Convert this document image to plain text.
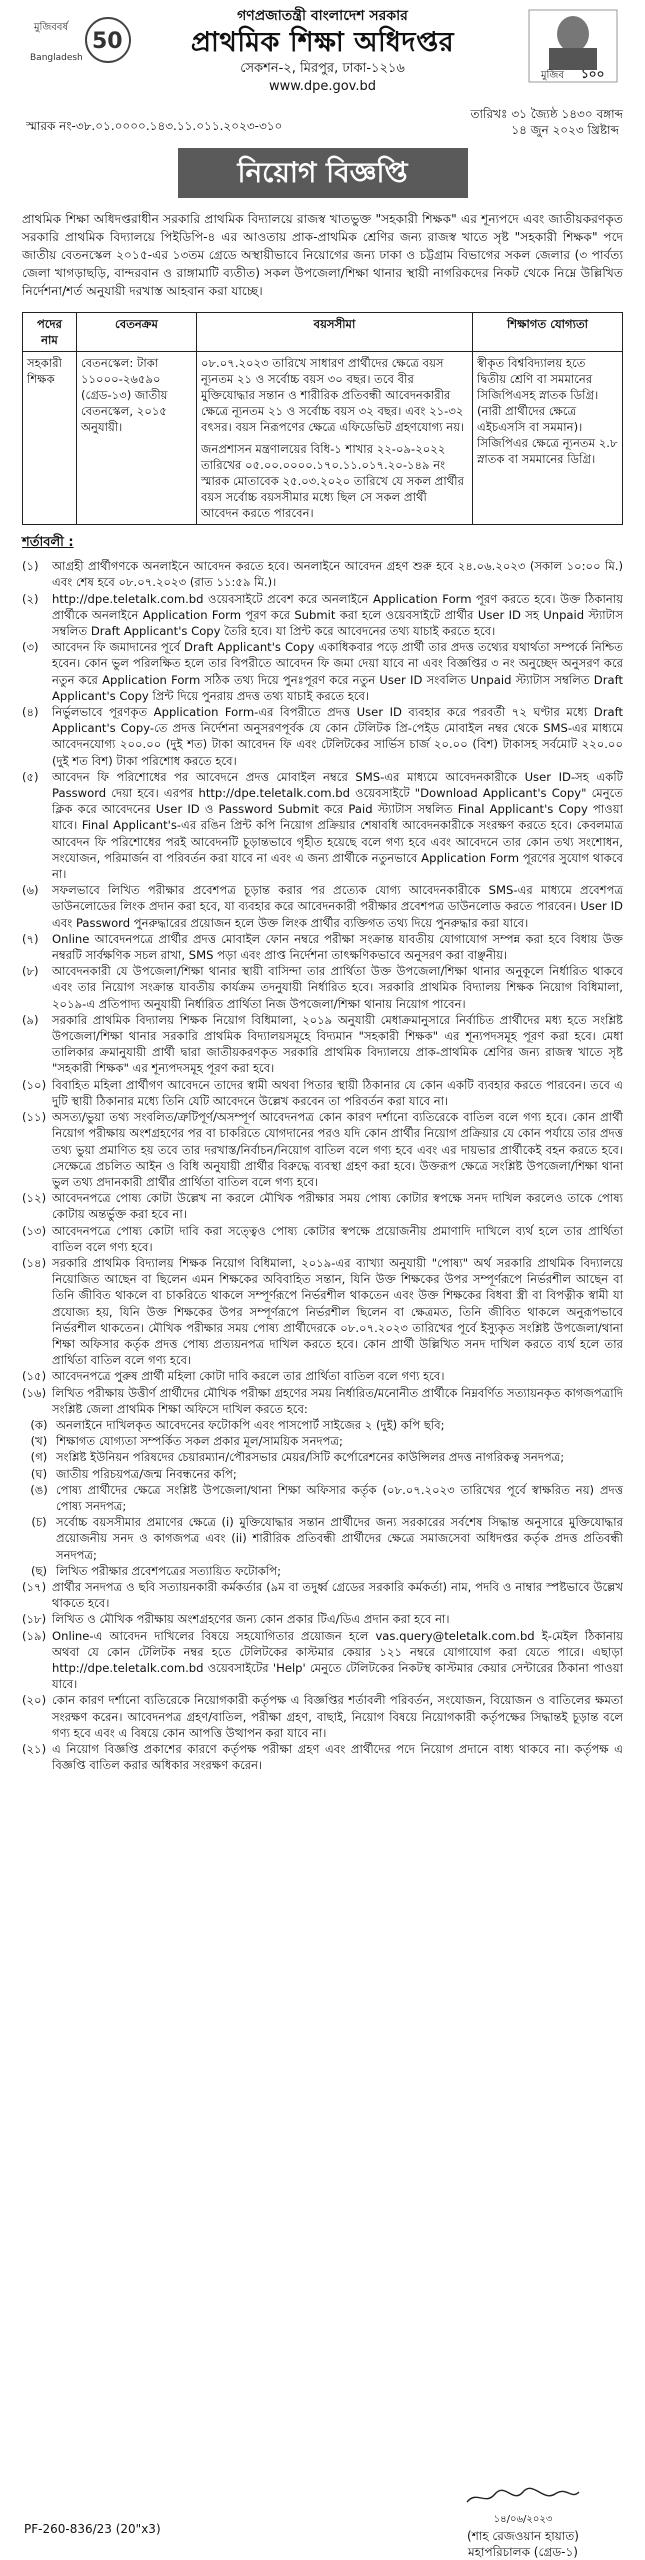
মুজিববর্ষ
Bangladesh
50
গণপ্রজাতন্ত্রী বাংলাদেশ সরকার
প্রাথমিক শিক্ষা অধিদপ্তর
সেকশন-২, মিরপুর, ঢাকা-১২১৬
www.dpe.gov.bd
মুজিব ১০০
স্মারক নং-৩৮.০১.০০০০.১৪৩.১১.০১১.২০২৩-৩১০
তারিখঃ ৩১ জ্যৈষ্ঠ ১৪৩০ বঙ্গাব্দ
১৪ জুন ২০২৩ খ্রিষ্টাব্দ
নিয়োগ বিজ্ঞপ্তি

প্রাথমিক শিক্ষা অধিদপ্তরাধীন সরকারি প্রাথমিক বিদ্যালয়ে রাজস্ব খাতভুক্ত "সহকারী শিক্ষক" এর শূন্যপদে এবং জাতীয়করণকৃত সরকারি প্রাথমিক বিদ্যালয়ে পিইডিপি-৪ এর আওতায় প্রাক-প্রাথমিক শ্রেণির জন্য রাজস্ব খাতে সৃষ্ট "সহকারী শিক্ষক" পদে জাতীয় বেতনস্কেল ২০১৫-এর ১৩তম গ্রেডে অস্থায়ীভাবে নিয়োগের জন্য ঢাকা ও চট্টগ্রাম বিভাগের সকল জেলার (৩ পার্বত্য জেলা খাগড়াছড়ি, বান্দরবান ও রাঙ্গামাটি ব্যতীত) সকল উপজেলা/শিক্ষা থানার স্থায়ী নাগরিকদের নিকট থেকে নিম্নে উল্লিখিত নির্দেশনা/শর্ত অনুযায়ী দরখাস্ত আহবান করা যাচ্ছে।

পদের নাম	বেতনক্রম	বয়সসীমা	শিক্ষাগত যোগ্যতা
সহকারী শিক্ষক	বেতনস্কেল: টাকা ১১০০০-২৬৫৯০ (গ্রেড-১৩) জাতীয় বেতনস্কেল, ২০১৫ অনুযায়ী।	০৮.০৭.২০২৩ তারিখে সাধারণ প্রার্থীদের ক্ষেত্রে বয়স ন্যূনতম ২১ ও সর্বোচ্চ বয়স ৩০ বছর। তবে বীর মুক্তিযোদ্ধার সন্তান ও শারীরিক প্রতিবন্ধী আবেদনকারীর ক্ষেত্রে ন্যূনতম ২১ ও সর্বোচ্চ বয়স ৩২ বছর। এবং ২১-৩২ বৎসর। বয়স নিরূপণের ক্ষেত্রে এফিডেভিট গ্রহণযোগ্য নয়।
জনপ্রশাসন মন্ত্রণালয়ের বিধি-১ শাখার ২২-০৯-২০২২ তারিখের ০৫.০০.০০০০.১৭০.১১.০১৭.২০-১৪৯ নং স্মারক মোতাবেক ২৫.০৩.২০২০ তারিখে যে সকল প্রার্থীর বয়স সর্বোচ্চ বয়সসীমার মধ্যে ছিল সে সকল প্রার্থী আবেদন করতে পারবেন।	স্বীকৃত বিশ্ববিদ্যালয় হতে দ্বিতীয় শ্রেণি বা সমমানের সিজিপিএসহ স্নাতক ডিগ্রি। (নারী প্রার্থীদের ক্ষেত্রে এইচএসসি বা সমমান)। সিজিপিএর ক্ষেত্রে ন্যূনতম ২.৮ স্নাতক বা সমমানের ডিগ্রি।
শর্তাবলী :
(১)	আগ্রহী প্রার্থীগণকে অনলাইনে আবেদন করতে হবে। অনলাইনে আবেদন গ্রহণ শুরু হবে ২৪.০৬.২০২৩ (সকাল ১০:০০ মি.) এবং শেষ হবে ০৮.০৭.২০২৩ (রাত ১১:৫৯ মি.)।
(২)	http://dpe.teletalk.com.bd ওয়েবসাইটে প্রবেশ করে অনলাইনে Application Form পূরণ করতে হবে। উক্ত ঠিকানায় প্রার্থীকে অনলাইনে Application Form পূরণ করে Submit করা হলে ওয়েবসাইটে প্রার্থীর User ID সহ Unpaid স্ট্যাটাস সম্বলিত Draft Applicant's Copy তৈরি হবে। যা প্রিন্ট করে আবেদনের তথ্য যাচাই করতে হবে।
(৩)	আবেদন ফি জমাদানের পূর্বে Draft Applicant's Copy একাধিকবার পড়ে প্রার্থী তার প্রদত্ত তথ্যের যথার্থতা সম্পর্কে নিশ্চিত হবেন। কোন ভুল পরিলক্ষিত হলে তার বিপরীতে আবেদন ফি জমা দেয়া যাবে না এবং বিজ্ঞপ্তির ৩ নং অনুচ্ছেদ অনুসরণ করে নতুন করে Application Form সঠিক তথ্য দিয়ে পুনঃপূরণ করে নতুন User ID সংবলিত Unpaid স্ট্যাটাস সম্বলিত Draft Applicant's Copy প্রিন্ট দিয়ে পুনরায় প্রদত্ত তথ্য যাচাই করতে হবে।
(৪)	নির্ভুলভাবে পূরণকৃত Application Form-এর বিপরীতে প্রদত্ত User ID ব্যবহার করে পরবর্তী ৭২ ঘণ্টার মধ্যে Draft Applicant's Copy-তে প্রদত্ত নির্দেশনা অনুসরণপূর্বক যে কোন টেলিটক প্রি-পেইড মোবাইল নম্বর থেকে SMS-এর মাধ্যমে আবেদনযোগ্য ২০০.০০ (দুই শত) টাকা আবেদন ফি এবং টেলিটকের সার্ভিস চার্জ ২০.০০ (বিশ) টাকাসহ সর্বমোট ২২০.০০ (দুই শত বিশ) টাকা পরিশোধ করতে হবে।
(৫)	আবেদন ফি পরিশোধের পর আবেদনে প্রদত্ত মোবাইল নম্বরে SMS-এর মাধ্যমে আবেদনকারীকে User ID-সহ একটি Password দেয়া হবে। এরপর http://dpe.teletalk.com.bd ওয়েবসাইটে "Download Applicant's Copy" মেনুতে ক্লিক করে আবেদনের User ID ও Password Submit করে Paid স্ট্যাটাস সম্বলিত Final Applicant's Copy পাওয়া যাবে। Final Applicant's-এর রঙিন প্রিন্ট কপি নিয়োগ প্রক্রিয়ার শেষাবধি আবেদনকারীকে সংরক্ষণ করতে হবে। কেবলমাত্র আবেদন ফি পরিশোধের পরই আবেদনটি চূড়ান্তভাবে গৃহীত হয়েছে বলে গণ্য হবে এবং আবেদনে তার কোন তথ্য সংশোধন, সংযোজন, পরিমার্জন বা পরিবর্তন করা যাবে না এবং এ জন্য প্রার্থীকে নতুনভাবে Application Form পূরণের সুযোগ থাকবে না।
(৬)	সফলভাবে লিখিত পরীক্ষার প্রবেশপত্র চূড়ান্ত করার পর প্রত্যেক যোগ্য আবেদনকারীকে SMS-এর মাধ্যমে প্রবেশপত্র ডাউনলোডের লিংক প্রদান করা হবে, যা ব্যবহার করে আবেদনকারী পরীক্ষার প্রবেশপত্র ডাউনলোড করতে পারবেন। User ID এবং Password পুনরুদ্ধারের প্রয়োজন হলে উক্ত লিংক প্রার্থীর ব্যক্তিগত তথ্য দিয়ে পুনরুদ্ধার করা যাবে।
(৭)	Online আবেদনপত্রে প্রার্থীর প্রদত্ত মোবাইল ফোন নম্বরে পরীক্ষা সংক্রান্ত যাবতীয় যোগাযোগ সম্পন্ন করা হবে বিধায় উক্ত নম্বরটি সার্বক্ষণিক সচল রাখা, SMS পড়া এবং প্রাপ্ত নির্দেশনা তাৎক্ষণিকভাবে অনুসরণ করা বাঞ্ছনীয়।
(৮)	আবেদনকারী যে উপজেলা/শিক্ষা থানার স্থায়ী বাসিন্দা তার প্রার্থিতা উক্ত উপজেলা/শিক্ষা থানার অনুকূলে নির্ধারিত থাকবে এবং তার নিয়োগ সংক্রান্ত যাবতীয় কার্যক্রম তদনুযায়ী নির্ধারিত হবে। সরকারি প্রাথমিক বিদ্যালয় শিক্ষক নিয়োগ বিধিমালা, ২০১৯-এ প্রতিপাদ্য অনুযায়ী নির্ধারিত প্রার্থিতা নিজ উপজেলা/শিক্ষা থানায় নিয়োগ পাবেন।
(৯)	সরকারি প্রাথমিক বিদ্যালয় শিক্ষক নিয়োগ বিধিমালা, ২০১৯ অনুযায়ী মেধাক্রমানুসারে নির্বাচিত প্রার্থীদের মধ্য হতে সংশ্লিষ্ট উপজেলা/শিক্ষা থানার সরকারি প্রাথমিক বিদ্যালয়সমূহে বিদ্যমান "সহকারী শিক্ষক" এর শূন্যপদসমূহ পূরণ করা হবে। মেধা তালিকার ক্রমানুযায়ী প্রার্থী দ্বারা জাতীয়করণকৃত সরকারি প্রাথমিক বিদ্যালয়ে প্রাক-প্রাথমিক শ্রেণির জন্য রাজস্ব খাতে সৃষ্ট "সহকারী শিক্ষক" এর শূন্যপদসমূহ পূরণ করা হবে।
(১০) বিবাহিত মহিলা প্রার্থীগণ আবেদনে তাদের স্বামী অথবা পিতার স্থায়ী ঠিকানার যে কোন একটি ব্যবহার করতে পারবেন। তবে এ দুটি স্থায়ী ঠিকানার মধ্যে তিনি যেটি আবেদনে উল্লেখ করবেন তা পরিবর্তন করা যাবে না।
(১১) অসত্য/ভুয়া তথ্য সংবলিত/ত্রুটিপূর্ণ/অসম্পূর্ণ আবেদনপত্র কোন কারণ দর্শানো ব্যতিরেকে বাতিল বলে গণ্য হবে। কোন প্রার্থী নিয়োগ পরীক্ষায় অংশগ্রহণের পর বা চাকরিতে যোগদানের পরও যদি কোন প্রার্থীর নিয়োগ প্রক্রিয়ার যে কোন পর্যায়ে তার প্রদত্ত তথ্য ভুয়া প্রমাণিত হয় তবে তার দরখাস্ত/নির্বাচন/নিয়োগ বাতিল বলে গণ্য হবে এবং এর দায়ভার প্রার্থীকেই বহন করতে হবে। সেক্ষেত্রে প্রচলিত আইন ও বিধি অনুযায়ী প্রার্থীর বিরুদ্ধে ব্যবস্থা গ্রহণ করা হবে। উক্তরূপ ক্ষেত্রে সংশ্লিষ্ট উপজেলা/শিক্ষা থানা ভুল তথ্য প্রদানকারী প্রার্থীর প্রার্থিতা বাতিল বলে গণ্য হবে।
(১২) আবেদনপত্রে পোষ্য কোটা উল্লেখ না করলে মৌখিক পরীক্ষার সময় পোষ্য কোটার স্বপক্ষে সনদ দাখিল করলেও তাকে পোষ্য কোটায় অন্তর্ভুক্ত করা হবে না।
(১৩) আবেদনপত্রে পোষ্য কোটা দাবি করা সত্ত্বেও পোষ্য কোটার স্বপক্ষে প্রয়োজনীয় প্রমাণাদি দাখিলে ব্যর্থ হলে তার প্রার্থিতা বাতিল বলে গণ্য হবে।
(১৪) সরকারি প্রাথমিক বিদ্যালয় শিক্ষক নিয়োগ বিধিমালা, ২০১৯-এর ব্যাখ্যা অনুযায়ী "পোষ্য" অর্থ সরকারি প্রাথমিক বিদ্যালয়ে নিয়োজিত আছেন বা ছিলেন এমন শিক্ষকের অবিবাহিত সন্তান, যিনি উক্ত শিক্ষকের উপর সম্পূর্ণরূপে নির্ভরশীল আছেন বা তিনি জীবিত থাকলে বা চাকরিতে থাকলে সম্পূর্ণরূপে নির্ভরশীল থাকতেন এবং উক্ত শিক্ষকের বিধবা স্ত্রী বা বিপত্নীক স্বামী যা প্রযোজ্য হয়, যিনি উক্ত শিক্ষকের উপর সম্পূর্ণরূপে নির্ভরশীল ছিলেন বা ক্ষেত্রমত, তিনি জীবিত থাকলে অনুরূপভাবে নির্ভরশীল থাকতেন। মৌখিক পরীক্ষার সময় পোষ্য প্রার্থীদেরকে ০৮.০৭.২০২৩ তারিখের পূর্বে ইস্যুকৃত সংশ্লিষ্ট উপজেলা/থানা শিক্ষা অফিসার কর্তৃক প্রদত্ত পোষ্য প্রত্যয়নপত্র দাখিল করতে হবে। কোন প্রার্থী উল্লিখিত সনদ দাখিল করতে ব্যর্থ হলে তার প্রার্থিতা বাতিল বলে গণ্য হবে।
(১৫) আবেদনপত্রে পুরুষ প্রার্থী মহিলা কোটা দাবি করলে তার প্রার্থিতা বাতিল বলে গণ্য হবে।
(১৬) লিখিত পরীক্ষায় উত্তীর্ণ প্রার্থীদের মৌখিক পরীক্ষা গ্রহণের সময় নির্ধারিত/মনোনীত প্রার্থীকে নিম্নবর্ণিত সত্যায়নকৃত কাগজপত্রাদি সংশ্লিষ্ট জেলা প্রাথমিক শিক্ষা অফিসে দাখিল করতে হবে:
(ক) অনলাইনে দাখিলকৃত আবেদনের ফটোকপি এবং পাসপোর্ট সাইজের ২ (দুই) কপি ছবি;
(খ) শিক্ষাগত যোগ্যতা সম্পর্কিত সকল প্রকার মূল/সাময়িক সনদপত্র;
(গ) সংশ্লিষ্ট ইউনিয়ন পরিষদের চেয়ারম্যান/পৌরসভার মেয়র/সিটি কর্পোরেশনের কাউন্সিলর প্রদত্ত নাগরিকত্ব সনদপত্র;
(ঘ) জাতীয় পরিচয়পত্র/জন্ম নিবন্ধনের কপি;
(ঙ) পোষ্য প্রার্থীদের ক্ষেত্রে সংশ্লিষ্ট উপজেলা/থানা শিক্ষা অফিসার কর্তৃক (০৮.০৭.২০২৩ তারিখের পূর্বে স্বাক্ষরিত নয়) প্রদত্ত পোষ্য সনদপত্র;
(চ) সর্বোচ্চ বয়সসীমার প্রমাণের ক্ষেত্রে (i) মুক্তিযোদ্ধার সন্তান প্রার্থীদের জন্য সরকারের সর্বশেষ সিদ্ধান্ত অনুসারে মুক্তিযোদ্ধার প্রয়োজনীয় সনদ ও কাগজপত্র এবং (ii) শারীরিক প্রতিবন্ধী প্রার্থীদের ক্ষেত্রে সমাজসেবা অধিদপ্তর কর্তৃক প্রদত্ত প্রতিবন্ধী সনদপত্র;
(ছ) লিখিত পরীক্ষার প্রবেশপত্রের সত্যায়িত ফটোকপি;
(১৭) প্রার্থীর সনদপত্র ও ছবি সত্যায়নকারী কর্মকর্তার (৯ম বা তদুর্ধ্ব গ্রেডের সরকারি কর্মকর্তা) নাম, পদবি ও নাম্বার স্পষ্টভাবে উল্লেখ থাকতে হবে।
(১৮) লিখিত ও মৌখিক পরীক্ষায় অংশগ্রহণের জন্য কোন প্রকার টিএ/ডিএ প্রদান করা হবে না।
(১৯) Online-এ আবেদন দাখিলের বিষয়ে সহযোগিতার প্রয়োজন হলে vas.query@teletalk.com.bd ই-মেইল ঠিকানায় অথবা যে কোন টেলিটক নম্বর হতে টেলিটকের কাস্টমার কেয়ার ১২১ নম্বরে যোগাযোগ করা যেতে পারে। এছাড়া http://dpe.teletalk.com.bd ওয়েবসাইটের 'Help' মেনুতে টেলিটকের নিকটস্থ কাস্টমার কেয়ার সেন্টারের ঠিকানা পাওয়া যাবে।
(২০) কোন কারণ দর্শানো ব্যতিরেকে নিয়োগকারী কর্তৃপক্ষ এ বিজ্ঞপ্তির শর্তাবলী পরিবর্তন, সংযোজন, বিয়োজন ও বাতিলের ক্ষমতা সংরক্ষণ করেন। আবেদনপত্র গ্রহণ/বাতিল, পরীক্ষা গ্রহণ, বাছাই, নিয়োগ বিষয়ে নিয়োগকারী কর্তৃপক্ষের সিদ্ধান্তই চূড়ান্ত বলে গণ্য হবে এবং এ বিষয়ে কোন আপত্তি উত্থাপন করা যাবে না।
(২১) এ নিয়োগ বিজ্ঞপ্তি প্রকাশের কারণে কর্তৃপক্ষ পরীক্ষা গ্রহণ এবং প্রার্থীদের পদে নিয়োগ প্রদানে বাধ্য থাকবে না। কর্তৃপক্ষ এ বিজ্ঞপ্তি বাতিল করার অধিকার সংরক্ষণ করেন।
১৪/০৬/২০২৩
(শাহ রেজওয়ান হায়াত)
মহাপরিচালক (গ্রেড-১)
PF-260-836/23 (20"x3)
